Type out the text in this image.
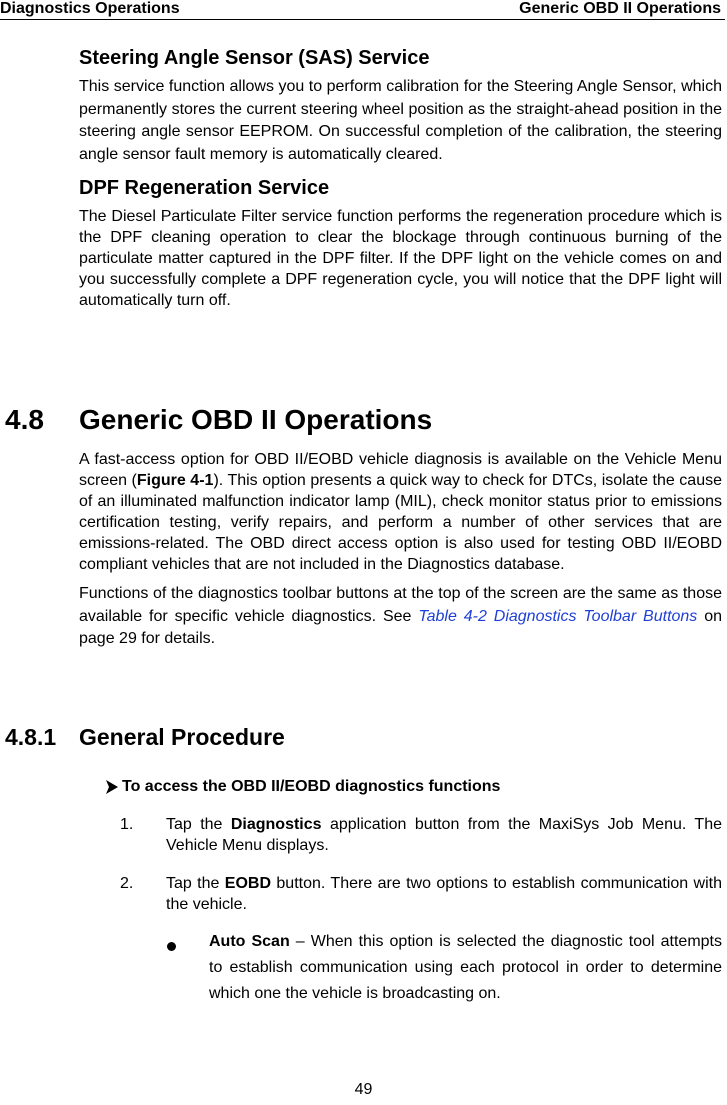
Diagnostics Operations	Generic OBD II Operations
Steering Angle Sensor (SAS) Service

This service function allows you to perform calibration for the Steering Angle Sensor, which permanently stores the current steering wheel position as the straight-ahead position in the steering angle sensor EEPROM. On successful completion of the calibration, the steering angle sensor fault memory is automatically cleared.

DPF Regeneration Service

The Diesel Particulate Filter service function performs the regeneration procedure which is the DPF cleaning operation to clear the blockage through continuous burning of the particulate matter captured in the DPF filter. If the DPF light on the vehicle comes on and you successfully complete a DPF regeneration cycle, you will notice that the DPF light will automatically turn off.

4.8 Generic OBD II Operations

A fast-access option for OBD II/EOBD vehicle diagnosis is available on the Vehicle Menu screen (Figure 4-1). This option presents a quick way to check for DTCs, isolate the cause of an illuminated malfunction indicator lamp (MIL), check monitor status prior to emissions certification testing, verify repairs, and perform a number of other services that are emissions-related. The OBD direct access option is also used for testing OBD II/EOBD compliant vehicles that are not included in the Diagnostics database.

Functions of the diagnostics toolbar buttons at the top of the screen are the same as those available for specific vehicle diagnostics. See Table 4-2 Diagnostics Toolbar Buttons on page 29 for details.

4.8.1 General Procedure
To access the OBD II/EOBD diagnostics functions
1. Tap the Diagnostics application button from the MaxiSys Job Menu. The Vehicle Menu displays.
2. Tap the EOBD button. There are two options to establish communication with the vehicle.
Auto Scan – When this option is selected the diagnostic tool attempts to establish communication using each protocol in order to determine which one the vehicle is broadcasting on.
49
